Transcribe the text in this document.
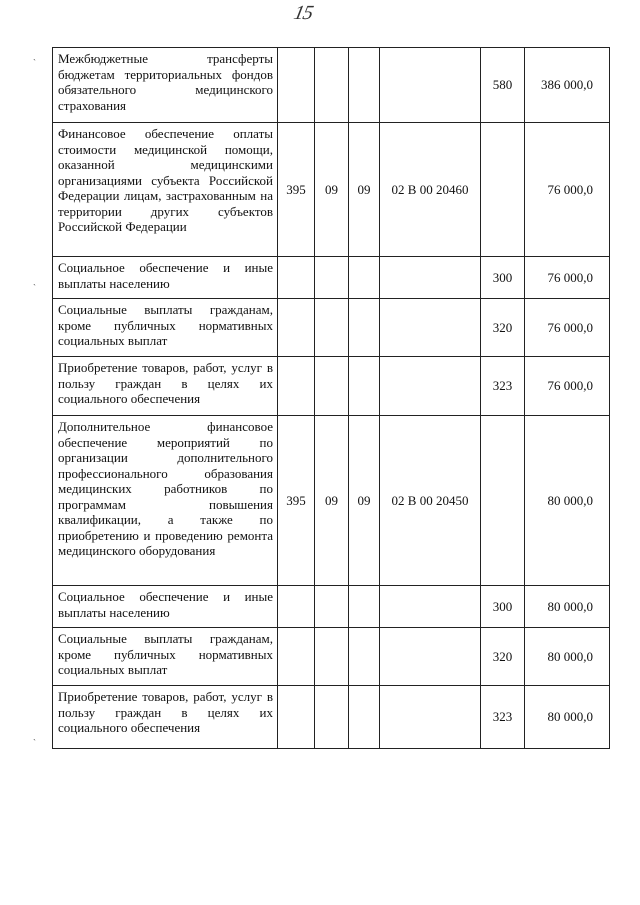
15
`
`
`
Межбюджетные трансферты бюджетам территориальных фондов обязательного медицинского страхования					580	386 000,0
Финансовое обеспечение оплаты стоимости медицинской помощи, оказанной медицинскими организациями субъекта Российской Федерации лицам, застрахованным на территории других субъектов Российской Федерации	395	09	09	02 В 00 20460		76 000,0
Социальное обеспечение и иные выплаты населению					300	76 000,0
Социальные выплаты гражданам, кроме публичных нормативных социальных выплат					320	76 000,0
Приобретение товаров, работ, услуг в пользу граждан в целях их социального обеспечения					323	76 000,0
Дополнительное финансовое обеспечение мероприятий по организации дополнительного профессионального образования медицинских работников по программам повышения квалификации, а также по приобретению и проведению ремонта медицинского оборудования	395	09	09	02 В 00 20450		80 000,0
Социальное обеспечение и иные выплаты населению					300	80 000,0
Социальные выплаты гражданам, кроме публичных нормативных социальных выплат					320	80 000,0
Приобретение товаров, работ, услуг в пользу граждан в целях их социального обеспечения					323	80 000,0
